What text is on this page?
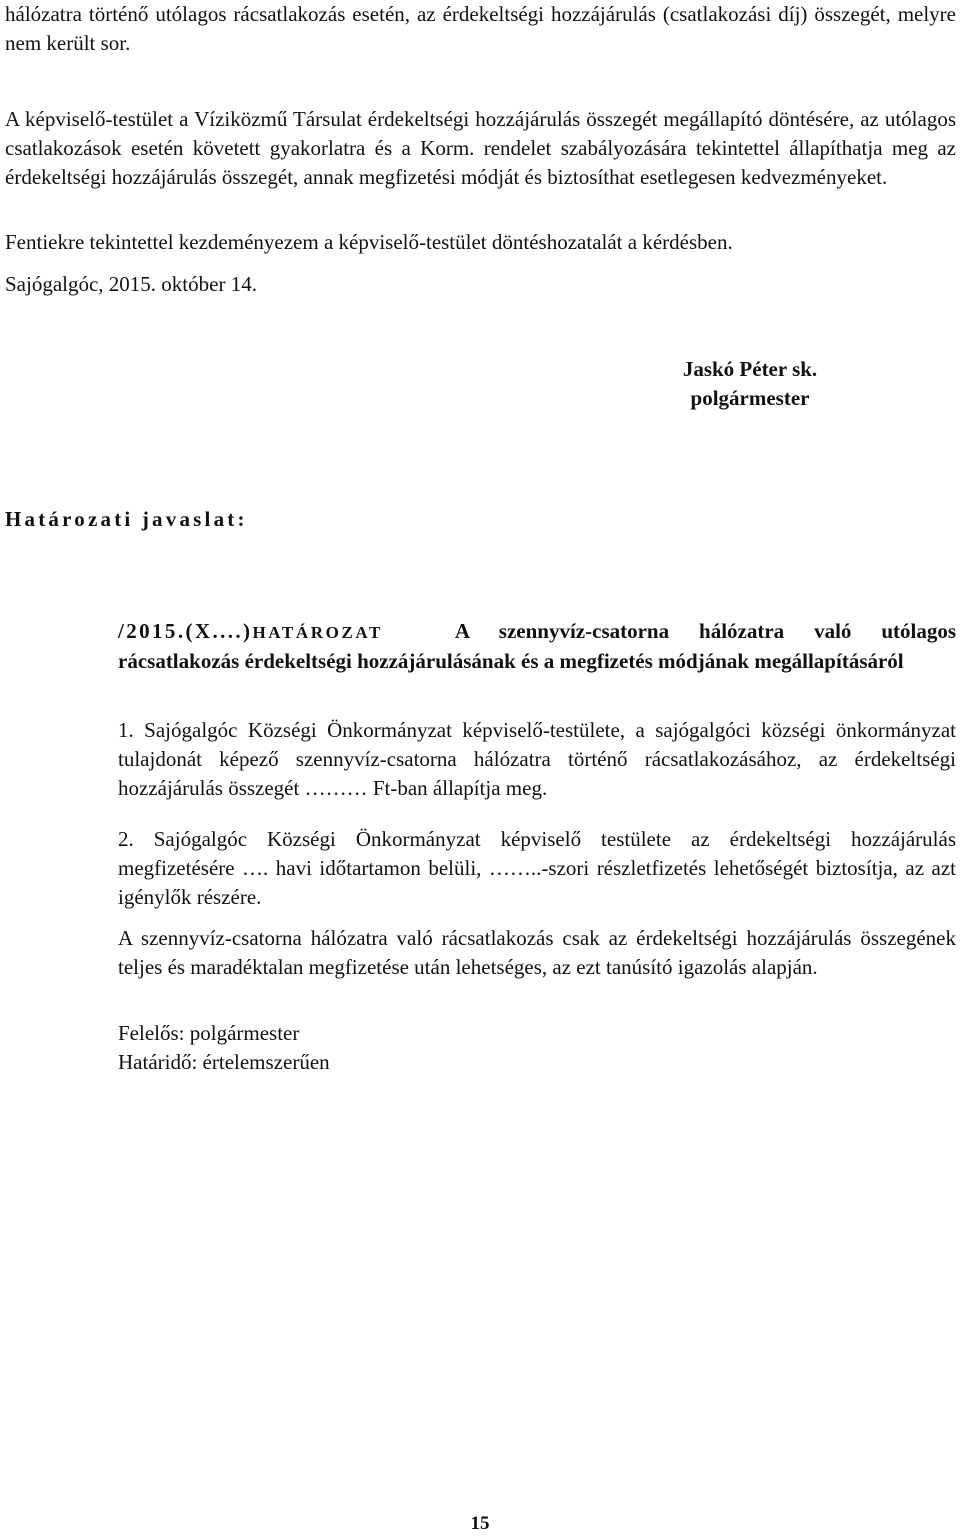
hálózatra történő utólagos rácsatlakozás esetén, az érdekeltségi hozzájárulás (csatlakozási díj) összegét, melyre nem került sor.

A képviselő-testület a Víziközmű Társulat érdekeltségi hozzájárulás összegét megállapító döntésére, az utólagos csatlakozások esetén követett gyakorlatra és a Korm. rendelet szabályozására tekintettel állapíthatja meg az érdekeltségi hozzájárulás összegét, annak megfizetési módját és biztosíthat esetlegesen kedvezményeket.

Fentiekre tekintettel kezdeményezem a képviselő-testület döntéshozatalát a kérdésben.

Sajógalgóc, 2015. október 14.

Jaskó Péter sk.
polgármester

Határozati javaslat:

/2015.(X....)HATÁROZAT	A szennyvíz-csatorna hálózatra való utólagos rácsatlakozás érdekeltségi hozzájárulásának és a megfizetés módjának megállapításáról

1. Sajógalgóc Községi Önkormányzat képviselő-testülete, a sajógalgóci községi önkormányzat tulajdonát képező szennyvíz-csatorna hálózatra történő rácsatlakozásához, az érdekeltségi hozzájárulás összegét ……… Ft-ban állapítja meg.

2. Sajógalgóc Községi Önkormányzat képviselő testülete az érdekeltségi hozzájárulás megfizetésére …. havi időtartamon belüli, ……..-szori részletfizetés lehetőségét biztosítja, az azt igénylők részére.

A szennyvíz-csatorna hálózatra való rácsatlakozás csak az érdekeltségi hozzájárulás összegének teljes és maradéktalan megfizetése után lehetséges, az ezt tanúsító igazolás alapján.

Felelős: polgármester

Határidő: értelemszerűen

15
